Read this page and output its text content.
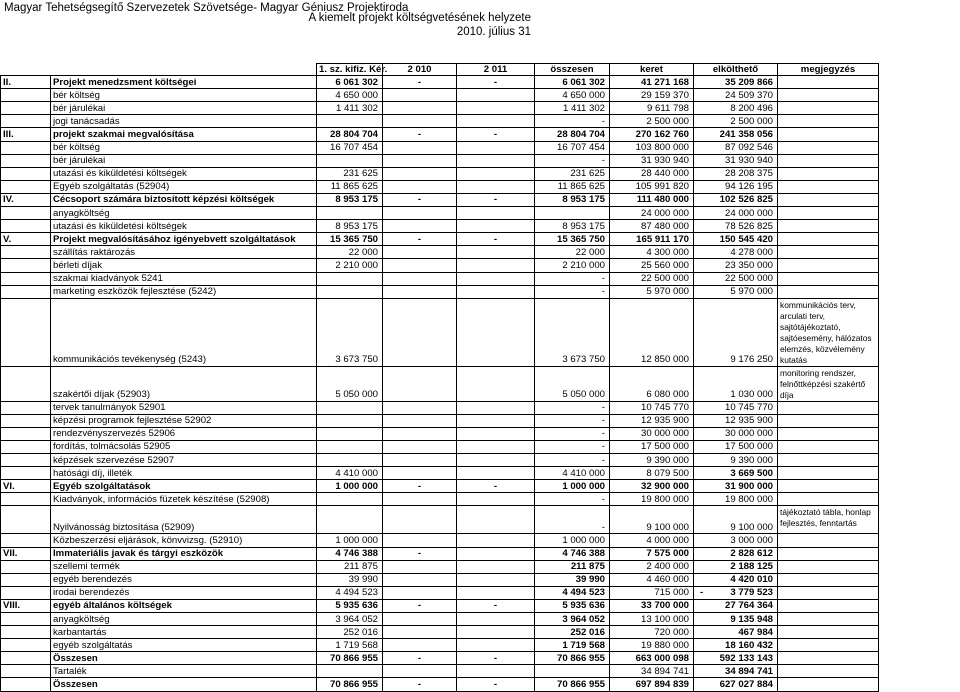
Magyar Tehetségsegítő Szervezetek Szövetsége- Magyar Géniusz Projektiroda
A kiemelt projekt költségvetésének helyzete
2010. július 31
		1. sz. kifiz. Kér.	2 010	2 011	összesen	keret	elkölthető	megjegyzés
II.	Projekt menedzsment költségei	6 061 302	-	-	6 061 302	41 271 168	35 209 866	
	bér költség	4 650 000			4 650 000	29 159 370	24 509 370	
	bér járulékai	1 411 302			1 411 302	9 611 798	8 200 496	
	jogi tanácsadás				-	2 500 000	2 500 000	
III.	projekt szakmai megvalósítása	28 804 704	-	-	28 804 704	270 162 760	241 358 056	
	bér költség	16 707 454			16 707 454	103 800 000	87 092 546	
	bér járulékai				-	31 930 940	31 930 940	
	utazási és kiküldetési költségek	231 625			231 625	28 440 000	28 208 375	
	Egyéb szolgáltatás (52904)	11 865 625			11 865 625	105 991 820	94 126 195	
IV.	Cécsoport számára biztosított képzési költségek	8 953 175	-	-	8 953 175	111 480 000	102 526 825	
	anyagköltség					24 000 000	24 000 000	
	utazási és kiküldetési költségek	8 953 175			8 953 175	87 480 000	78 526 825	
V.	Projekt megvalósításához igényebvett szolgáltatások	15 365 750	-	-	15 365 750	165 911 170	150 545 420	
	szállítás raktározás	22 000			22 000	4 300 000	4 278 000	
	bérleti díjak	2 210 000			2 210 000	25 560 000	23 350 000	
	szakmai kiadványok 5241				-	22 500 000	22 500 000	
	marketing eszközök fejlesztése (5242)				-	5 970 000	5 970 000	
	kommunikációs tevékenység (5243)	3 673 750			3 673 750	12 850 000	9 176 250	kommunikációs terv, arculati terv, sajtótájékoztató, sajtóesemény, hálózatos elemzés, közvélemény kutatás
	szakértői díjak (52903)	5 050 000			5 050 000	6 080 000	1 030 000	monitoring rendszer, felnőttképzési szakértő díja
	tervek tanulmányok 52901				-	10 745 770	10 745 770	
	képzési programok fejlesztése 52902				-	12 935 900	12 935 900	
	rendezvényszervezés 52906				-	30 000 000	30 000 000	
	fordítás, tolmácsolás 52905				-	17 500 000	17 500 000	
	képzések szervezése 52907				-	9 390 000	9 390 000	
	hatósági díj, illeték	4 410 000			4 410 000	8 079 500	3 669 500	
VI.	Egyéb szolgáltatások	1 000 000	-	-	1 000 000	32 900 000	31 900 000	
	Kiadványok, információs füzetek készítése (52908)				-	19 800 000	19 800 000	
	Nyilvánosság biztosítása (52909)				-	9 100 000	9 100 000	tájékoztató tábla, honlap fejlesztés, fenntartás
	Közbeszerzési eljárások, könvvizsg. (52910)	1 000 000			1 000 000	4 000 000	3 000 000	
VII.	Immateriális javak és tárgyi eszközök	4 746 388	-		4 746 388	7 575 000	2 828 612	
	szellemi termék	211 875			211 875	2 400 000	2 188 125	
	egyéb berendezés	39 990			39 990	4 460 000	4 420 010	
	irodai berendezés	4 494 523			4 494 523	715 000	- 3 779 523	
VIII.	egyéb általános költségek	5 935 636	-	-	5 935 636	33 700 000	27 764 364	
	anyagköltség	3 964 052			3 964 052	13 100 000	9 135 948	
	karbantartás	252 016			252 016	720 000	467 984	
	egyéb szolgáltatás	1 719 568			1 719 568	19 880 000	18 160 432	
	Összesen	70 866 955	-	-	70 866 955	663 000 098	592 133 143	
	Tartalék					34 894 741	34 894 741	
	Összesen	70 866 955	-	-	70 866 955	697 894 839	627 027 884	
